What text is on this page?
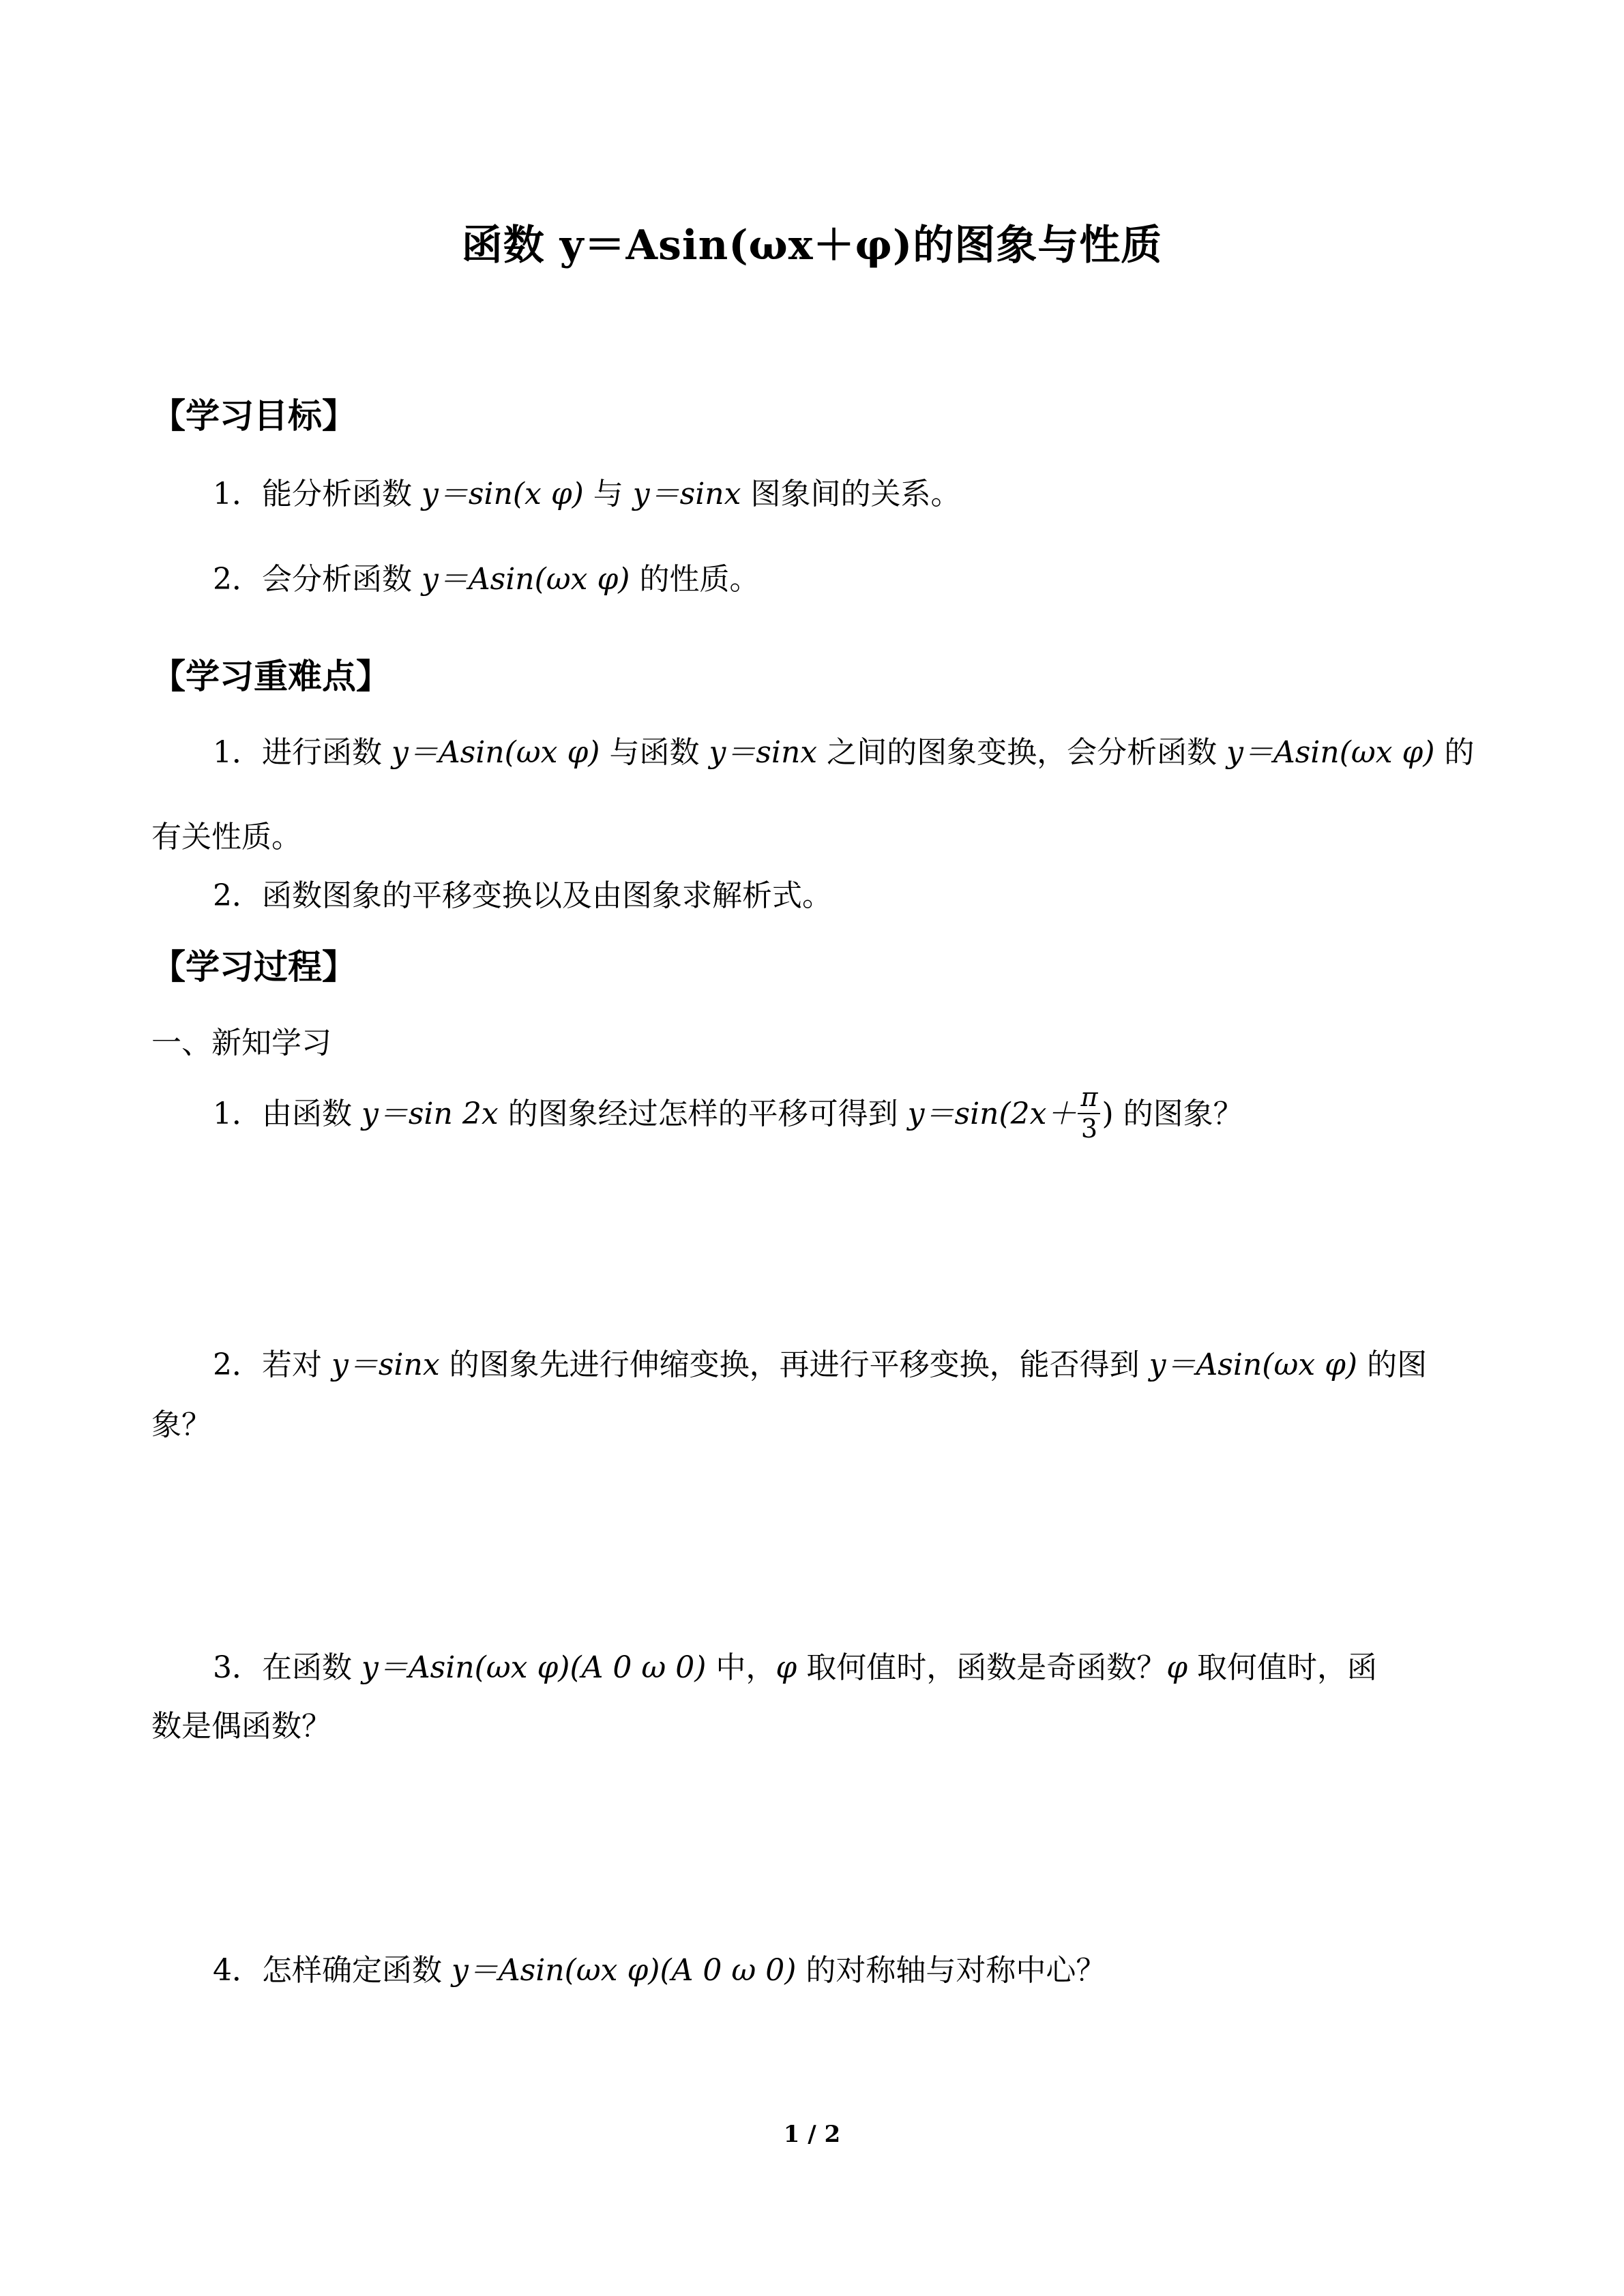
函数 y＝Asin(ωx＋φ)的图象与性质
【学习目标】
1．能分析函数 y＝sin(x φ) 与 y＝sinx 图象间的关系。
2．会分析函数 y＝Asin(ωx φ) 的性质。
【学习重难点】
1．进行函数 y＝Asin(ωx φ) 与函数 y＝sinx 之间的图象变换，会分析函数 y＝Asin(ωx φ) 的
有关性质。
2．函数图象的平移变换以及由图象求解析式。
【学习过程】
一、新知学习
1．由函数 y＝sin 2x 的图象经过怎样的平移可得到 $y=\sin(2x+ \frac{\pi}{3}$ ) 的图象？
2．若对 y＝sinx 的图象先进行伸缩变换，再进行平移变换，能否得到 y＝Asin(ωx φ) 的图
象？
3．在函数 y＝Asin(ωx φ)(A 0 ω 0) 中，φ 取何值时，函数是奇函数？φ 取何值时，函
数是偶函数？
4．怎样确定函数 y＝Asin(ωx φ)(A 0 ω 0) 的对称轴与对称中心？
1 / 2
